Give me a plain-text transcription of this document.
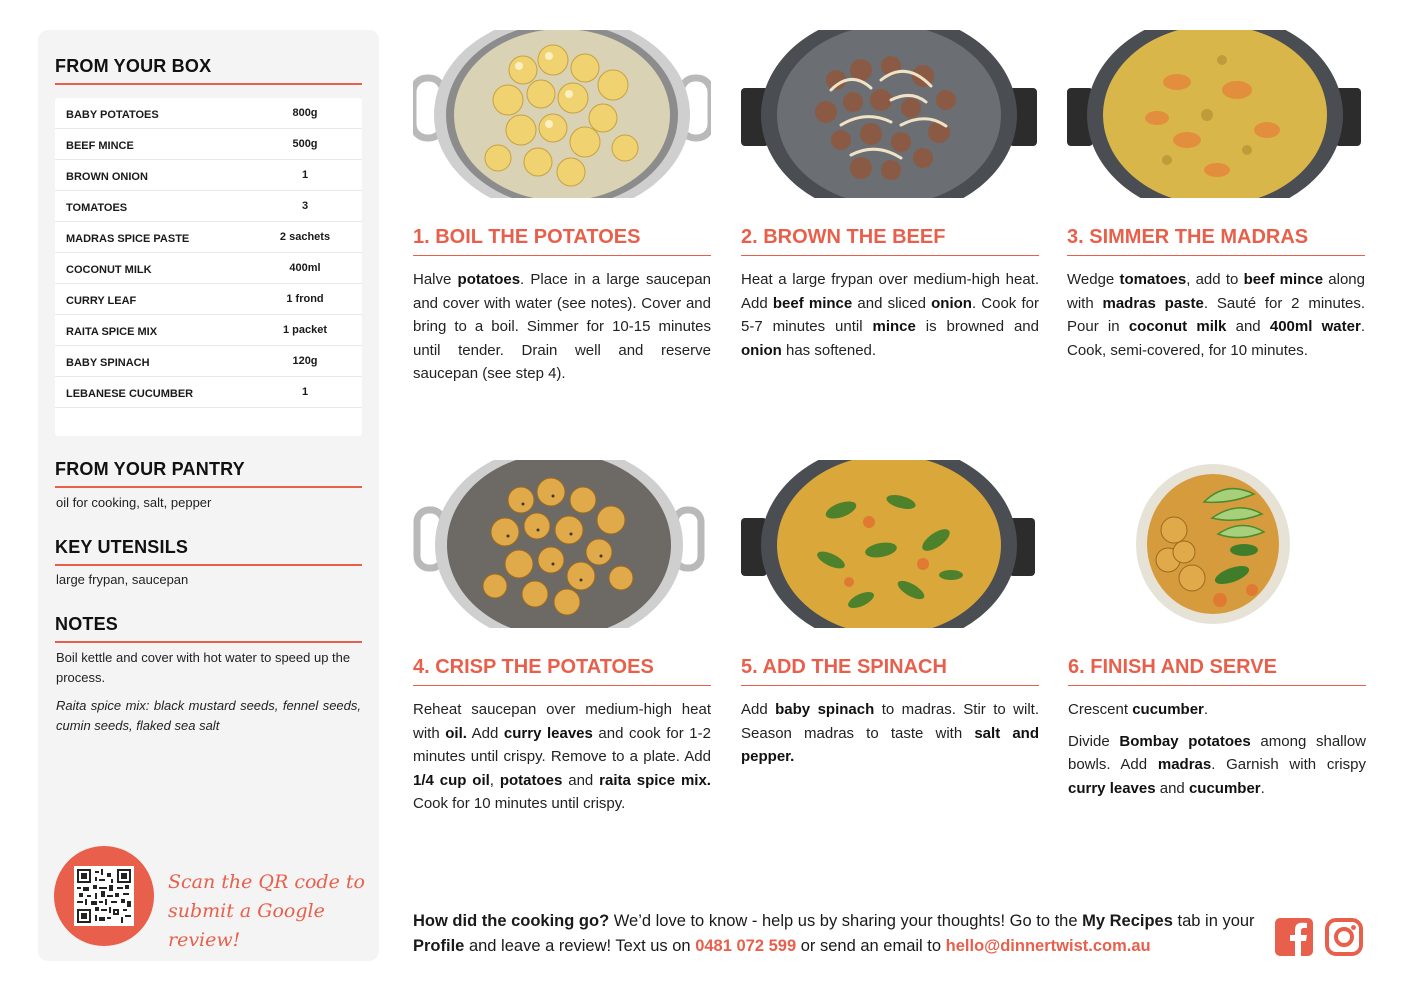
FROM YOUR BOX
BABY POTATOES	800g
BEEF MINCE	500g
BROWN ONION	1
TOMATOES	3
MADRAS SPICE PASTE	2 sachets
COCONUT MILK	400ml
CURRY LEAF	1 frond
RAITA SPICE MIX	1 packet
BABY SPINACH	120g
LEBANESE CUCUMBER	1
FROM YOUR PANTRY
oil for cooking, salt, pepper
KEY UTENSILS
large frypan, saucepan
NOTES
Boil kettle and cover with hot water to speed up the process.
Raita spice mix: black mustard seeds, fennel seeds, cumin seeds, flaked sea salt
Scan the QR code to
submit a Google review!
1. BOIL THE POTATOES

Halve potatoes. Place in a large saucepan and cover with water (see notes). Cover and bring to a boil. Simmer for 10-15 minutes until tender. Drain well and reserve saucepan (see step 4).

2. BROWN THE BEEF

Heat a large frypan over medium-high heat. Add beef mince and sliced onion. Cook for 5-7 minutes until mince is browned and onion has softened.

3. SIMMER THE MADRAS

Wedge tomatoes, add to beef mince along with madras paste. Sauté for 2 minutes. Pour in coconut milk and 400ml water. Cook, semi-covered, for 10 minutes.

4. CRISP THE POTATOES

Reheat saucepan over medium-high heat with oil. Add curry leaves and cook for 1-2 minutes until crispy. Remove to a plate. Add 1/4 cup oil, potatoes and raita spice mix. Cook for 10 minutes until crispy.

5. ADD THE SPINACH

Add baby spinach to madras. Stir to wilt. Season madras to taste with salt and pepper.

6. FINISH AND SERVE

Crescent cucumber.

Divide Bombay potatoes among shallow bowls. Add madras. Garnish with crispy curry leaves and cucumber.

How did the cooking go? We’d love to know - help us by sharing your thoughts! Go to the My Recipes tab in your Profile and leave a review! Text us on 0481 072 599 or send an email to hello@dinnertwist.com.au
